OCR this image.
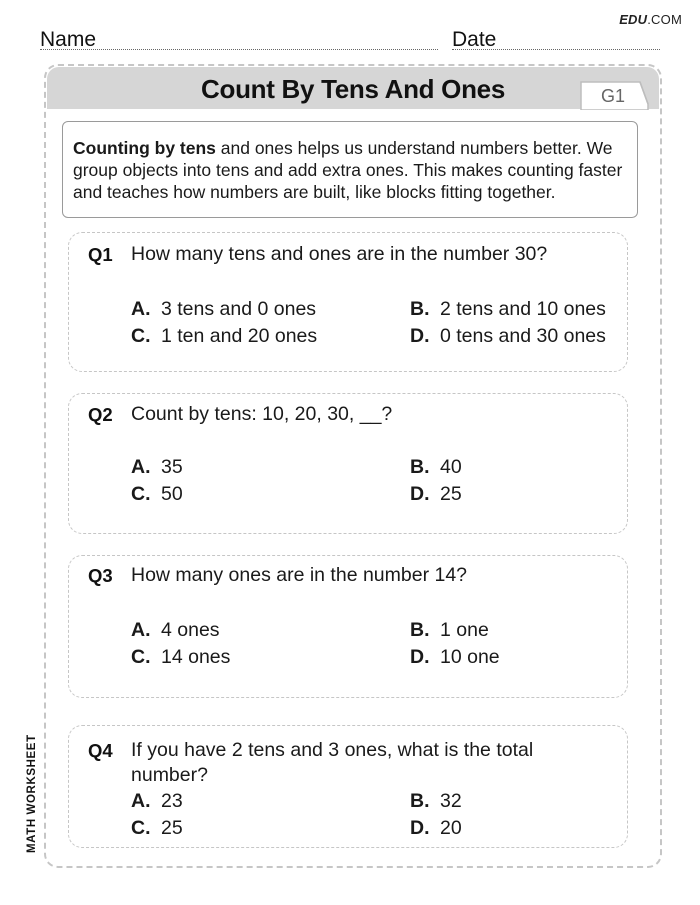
EDU.COM
Name	Date
Count By Tens And Ones	G1
Counting by tens and ones helps us understand numbers better. We group objects into tens and add extra ones. This makes counting faster and teaches how numbers are built, like blocks fitting together.
Q1 How many tens and ones are in the number 30?
A. 3 tens and 0 ones	B. 2 tens and 10 ones
C. 1 ten and 20 ones	D. 0 tens and 30 ones
Q2 Count by tens: 10, 20, 30, __?
A. 35	B. 40
C. 50	D. 25
Q3 How many ones are in the number 14?
A. 4 ones	B. 1 one
C. 14 ones	D. 10 one
Q4 If you have 2 tens and 3 ones, what is the total number?
A. 23	B. 32
C. 25	D. 20
MATH WORKSHEET
